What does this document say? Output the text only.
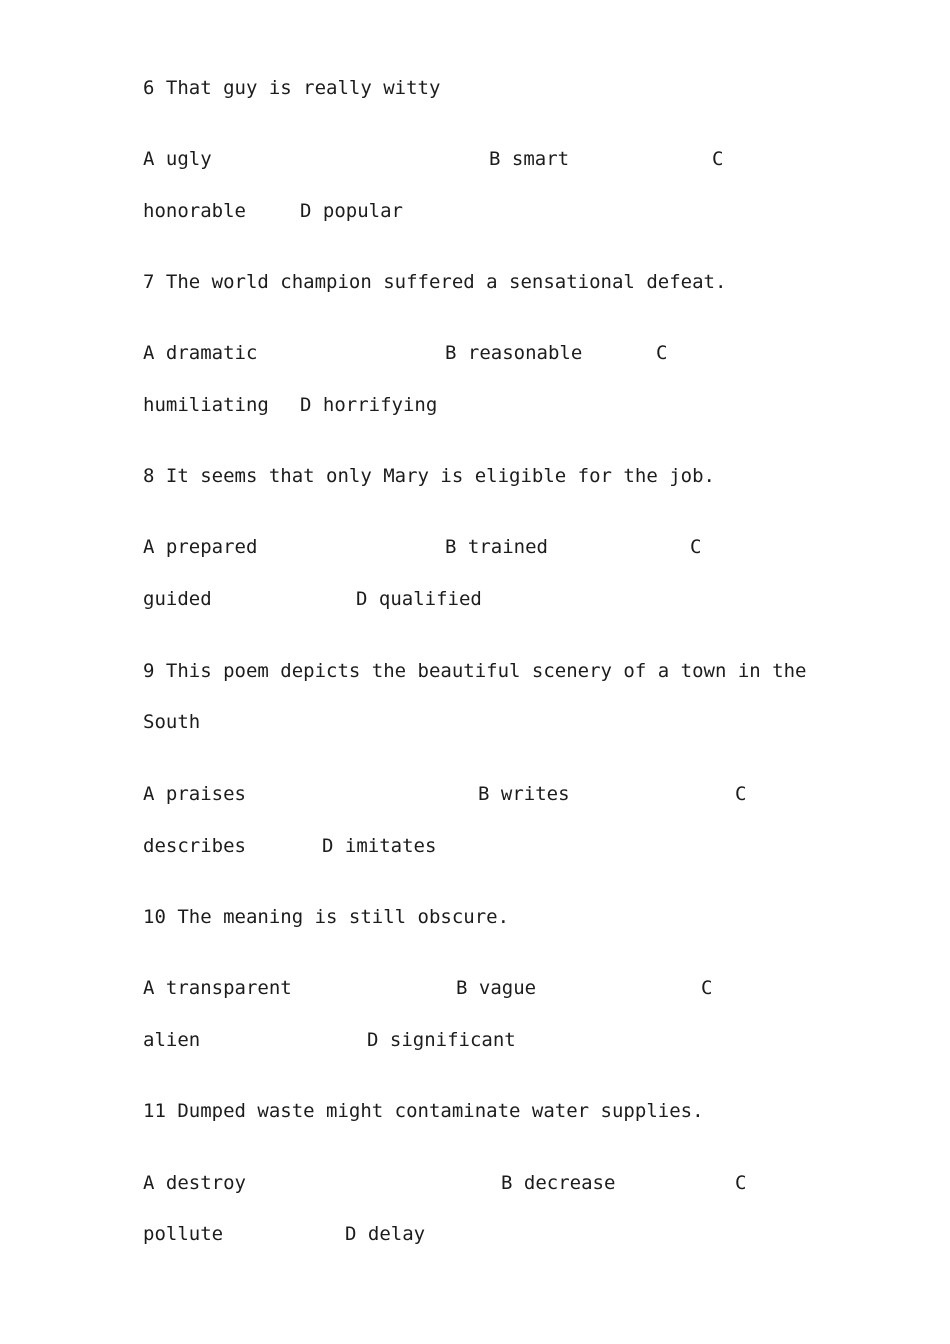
6 That guy is really witty

A ugly	B smart	C

honorable	D popular

7 The world champion suffered a sensational defeat.

A dramatic	B reasonable	C

humiliating D horrifying

8 It seems that only Mary is eligible for the job.

A prepared	B trained	C

guided	D qualified

9 This poem depicts the beautiful scenery of a town in the

South

A praises	B writes	C

describes	D imitates

10 The meaning is still obscure.

A transparent	B vague	C

alien	D significant

11 Dumped waste might contaminate water supplies.

A destroy	B decrease	C

pollute	D delay
